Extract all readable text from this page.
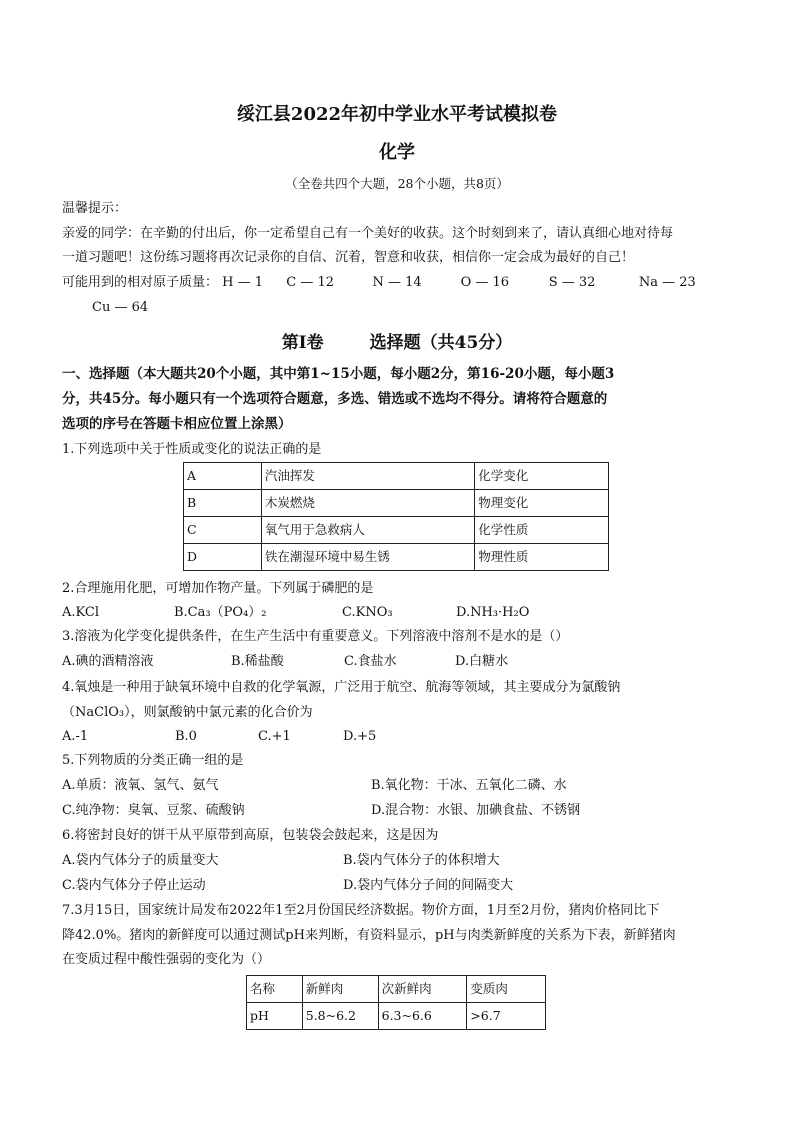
绥江县2022年初中学业水平考试模拟卷
化学
（全卷共四个大题，28个小题，共8页）
温馨提示：
亲爱的同学：在辛勤的付出后，你一定希望自己有一个美好的收获。这个时刻到来了，请认真细心地对待每
一道习题吧！这份练习题将再次记录你的自信、沉着，智意和收获，相信你一定会成为最好的自己！
可能用到的相对原子质量： H — 1 C — 12	N — 14	O — 16	S — 32	Na — 23
Cu — 64
第Ⅰ卷	选择题（共45分）
一、选择题（本大题共20个小题，其中第1~15小题，每小题2分，第16-20小题，每小题3
分，共45分。每小题只有一个选项符合题意，多选、错选或不选均不得分。请将符合题意的
选项的序号在答题卡相应位置上涂黑）
1.下列选项中关于性质或变化的说法正确的是
A	汽油挥发	化学变化
B	木炭燃烧	物理变化
C	氧气用于急救病人	化学性质
D	铁在潮湿环境中易生锈	物理性质
2.合理施用化肥，可增加作物产量。下列属于磷肥的是
A.KCl	B.Ca₃（PO₄）₂	C.KNO₃	D.NH₃·H₂O
3.溶液为化学变化提供条件，在生产生活中有重要意义。下列溶液中溶剂不是水的是（）
A.碘的酒精溶液	B.稀盐酸	C.食盐水	D.白糖水
4.氧烛是一种用于缺氧环境中自救的化学氧源，广泛用于航空、航海等领域，其主要成分为氯酸钠
（NaClO₃），则氯酸钠中氯元素的化合价为
A.-1	B.0	C.+1	D.+5
5.下列物质的分类正确一组的是
A.单质：液氧、氢气、氨气	B.氧化物：干冰、五氧化二磷、水
C.纯净物：臭氧、豆浆、硫酸钠	D.混合物：水银、加碘食盐、不锈钢
6.将密封良好的饼干从平原带到高原，包装袋会鼓起来，这是因为
A.袋内气体分子的质量变大	B.袋内气体分子的体积增大
C.袋内气体分子停止运动	D.袋内气体分子间的间隔变大
7.3月15日，国家统计局发布2022年1至2月份国民经济数据。物价方面，1月至2月份，猪肉价格同比下
降42.0%。猪肉的新鲜度可以通过测试pH来判断，有资料显示，pH与肉类新鲜度的关系为下表，新鲜猪肉
在变质过程中酸性强弱的变化为（）
名称	新鲜肉	次新鲜肉	变质肉
pH	5.8~6.2	6.3~6.6	>6.7
